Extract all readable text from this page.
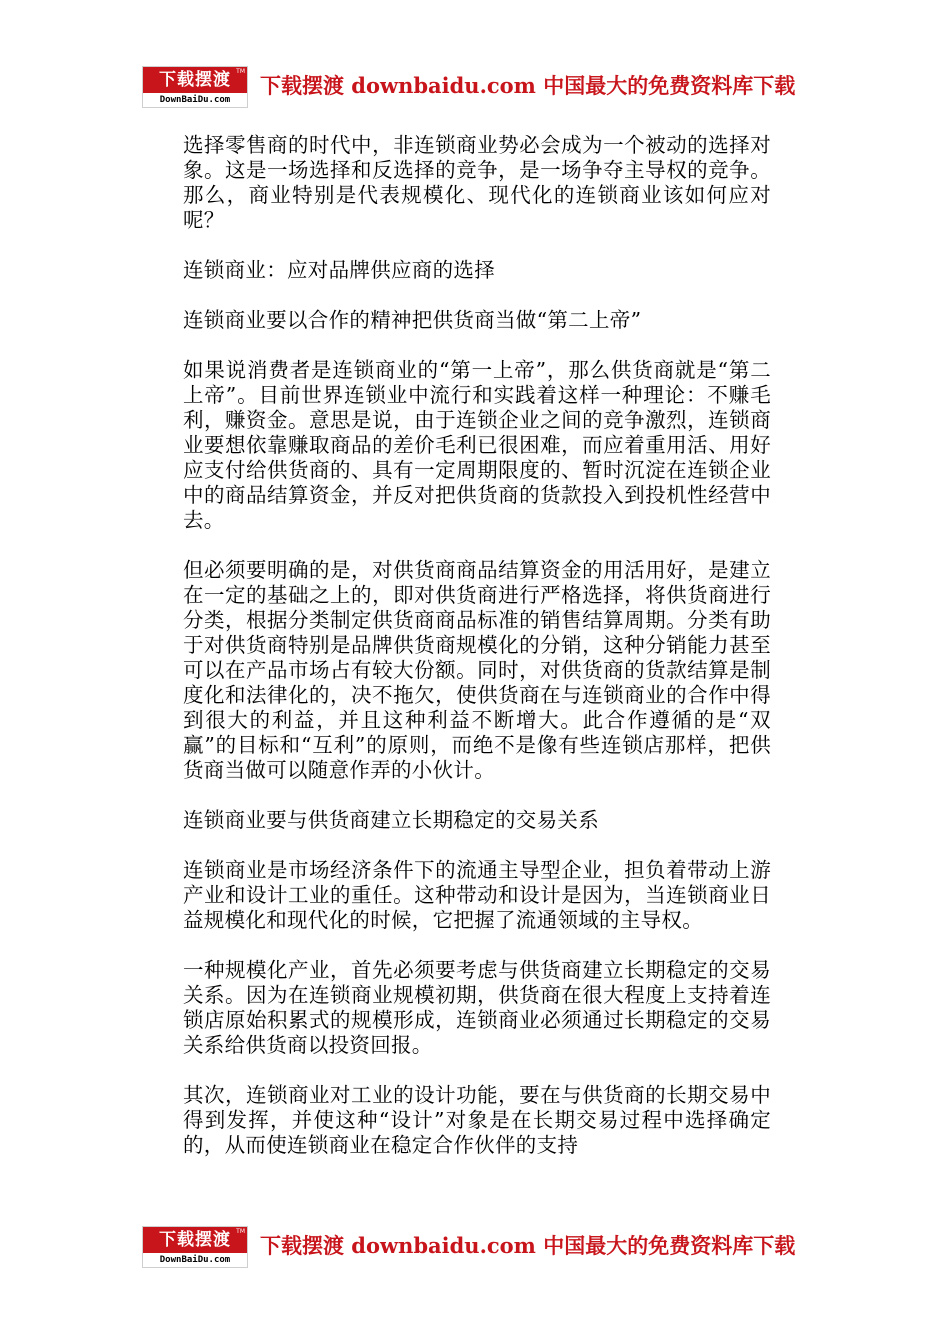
下载摆渡 TM
DownBaiDu.com
下载摆渡 downbaidu.com 中国最大的免费资料库下载

选择零售商的时代中，非连锁商业势必会成为一个被动的选择对象。这是一场选择和反选择的竞争，是一场争夺主导权的竞争。那么，商业特别是代表规模化、现代化的连锁商业该如何应对呢？

连锁商业：应对品牌供应商的选择

连锁商业要以合作的精神把供货商当做“第二上帝”

如果说消费者是连锁商业的“第一上帝”，那么供货商就是“第二上帝”。目前世界连锁业中流行和实践着这样一种理论：不赚毛利，赚资金。意思是说，由于连锁企业之间的竞争激烈，连锁商业要想依靠赚取商品的差价毛利已很困难，而应着重用活、用好应支付给供货商的、具有一定周期限度的、暂时沉淀在连锁企业中的商品结算资金，并反对把供货商的货款投入到投机性经营中去。

但必须要明确的是，对供货商商品结算资金的用活用好，是建立在一定的基础之上的，即对供货商进行严格选择，将供货商进行分类，根据分类制定供货商商品标准的销售结算周期。分类有助于对供货商特别是品牌供货商规模化的分销，这种分销能力甚至可以在产品市场占有较大份额。同时，对供货商的货款结算是制度化和法律化的，决不拖欠，使供货商在与连锁商业的合作中得到很大的利益，并且这种利益不断增大。此合作遵循的是“双赢”的目标和“互利”的原则，而绝不是像有些连锁店那样，把供货商当做可以随意作弄的小伙计。

连锁商业要与供货商建立长期稳定的交易关系

连锁商业是市场经济条件下的流通主导型企业，担负着带动上游产业和设计工业的重任。这种带动和设计是因为，当连锁商业日益规模化和现代化的时候，它把握了流通领域的主导权。

一种规模化产业，首先必须要考虑与供货商建立长期稳定的交易关系。因为在连锁商业规模初期，供货商在很大程度上支持着连锁店原始积累式的规模形成，连锁商业必须通过长期稳定的交易关系给供货商以投资回报。

其次，连锁商业对工业的设计功能，要在与供货商的长期交易中得到发挥，并使这种“设计”对象是在长期交易过程中选择确定的，从而使连锁商业在稳定合作伙伴的支持

下载摆渡 TM
DownBaiDu.com
下载摆渡 downbaidu.com 中国最大的免费资料库下载
